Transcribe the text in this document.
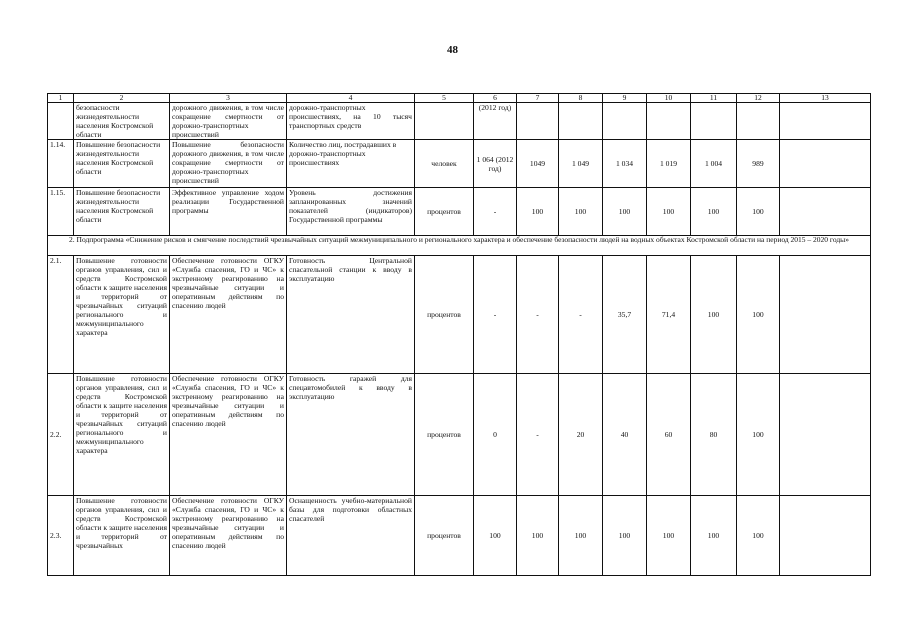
48
1	2	3	4	5	6	7	8	9	10	11	12	13
	безопасности жизнедеятельности населения Костромской области	дорожного движения, в том числе сокращение смертности от дорожно-транспортных происшествий	дорожно-транспортных происшествиях, на 10 тысяч транспортных средств		(2012 год)							
1.14.	Повышение безопасности жизнедеятельности населения Костромской области	Повышение безопасности дорожного движения, в том числе сокращение смертности от дорожно-транспортных происшествий	Количество лиц, пострадавших в дорожно-транспортных происшествиях	человек	1 064 (2012 год)	1049	1 049	1 034	1 019	1 004	989	
1.15.	Повышение безопасности жизнедеятельности населения Костромской области	Эффективное управление ходом реализации Государственной программы	Уровень достижения запланированных значений показателей (индикаторов) Государственной программы	процентов	-	100	100	100	100	100	100	
2. Подпрограмма «Снижение рисков и смягчение последствий чрезвычайных ситуаций межмуниципального и регионального характера и обеспечение безопасности людей на водных объектах Костромской области на период 2015 – 2020 годы»												
2.1.	Повышение готовности органов управления, сил и средств Костромской области к защите населения и территорий от чрезвычайных ситуаций регионального и межмуниципального характера	Обеспечение готовности ОГКУ «Служба спасения, ГО и ЧС» к экстренному реагированию на чрезвычайные ситуации и оперативным действиям по спасению людей	Готовность Центральной спасательной станции к вводу в эксплуатацию	процентов	-	-	-	35,7	71,4	100	100	
2.2.	Повышение готовности органов управления, сил и средств Костромской области к защите населения и территорий от чрезвычайных ситуаций регионального и межмуниципального характера	Обеспечение готовности ОГКУ «Служба спасения, ГО и ЧС» к экстренному реагированию на чрезвычайные ситуации и оперативным действиям по спасению людей	Готовность гаражей для спецавтомобилей к вводу в эксплуатацию	процентов	0	-	20	40	60	80	100	
2.3.	Повышение готовности органов управления, сил и средств Костромской области к защите населения и территорий от чрезвычайных	Обеспечение готовности ОГКУ «Служба спасения, ГО и ЧС» к экстренному реагированию на чрезвычайные ситуации и оперативным действиям по спасению людей	Оснащенность учебно-материальной базы для подготовки областных спасателей	процентов	100	100	100	100	100	100	100	
